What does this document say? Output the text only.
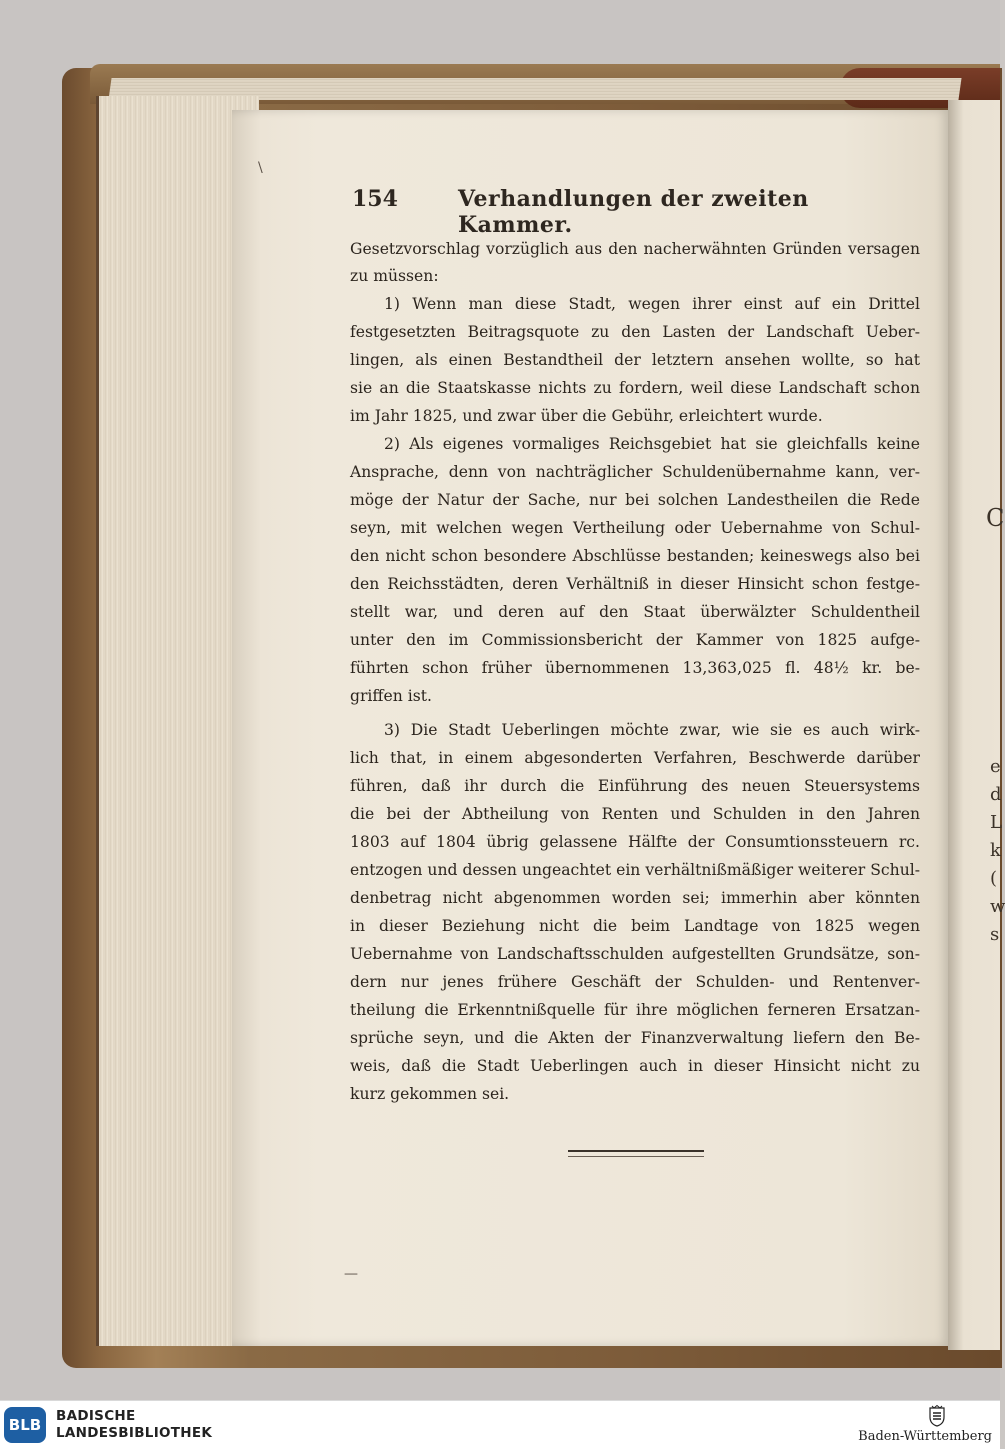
C
e
d
L
k
(
w
s
154	Verhandlungen der zweiten Kammer.
Gesetzvorschlag vorzüglich aus den nacherwähnten Gründen versagen
zu müssen:
1) Wenn man diese Stadt, wegen ihrer einst auf ein Drittel
festgesetzten Beitragsquote zu den Lasten der Landschaft Ueber-
lingen, als einen Bestandtheil der letztern ansehen wollte, so hat
sie an die Staatskasse nichts zu fordern, weil diese Landschaft schon
im Jahr 1825, und zwar über die Gebühr, erleichtert wurde.
2) Als eigenes vormaliges Reichsgebiet hat sie gleichfalls keine
Ansprache, denn von nachträglicher Schuldenübernahme kann, ver-
möge der Natur der Sache, nur bei solchen Landestheilen die Rede
seyn, mit welchen wegen Vertheilung oder Uebernahme von Schul-
den nicht schon besondere Abschlüsse bestanden; keineswegs also bei
den Reichsstädten, deren Verhältniß in dieser Hinsicht schon festge-
stellt war, und deren auf den Staat überwälzter Schuldentheil
unter den im Commissionsbericht der Kammer von 1825 aufge-
führten schon früher übernommenen 13,363,025 fl. 48½ kr. be-
griffen ist.
3) Die Stadt Ueberlingen möchte zwar, wie sie es auch wirk-
lich that, in einem abgesonderten Verfahren, Beschwerde darüber
führen, daß ihr durch die Einführung des neuen Steuersystems
die bei der Abtheilung von Renten und Schulden in den Jahren
1803 auf 1804 übrig gelassene Hälfte der Consumtionssteuern rc.
entzogen und dessen ungeachtet ein verhältnißmäßiger weiterer Schul-
denbetrag nicht abgenommen worden sei; immerhin aber könnten
in dieser Beziehung nicht die beim Landtage von 1825 wegen
Uebernahme von Landschaftsschulden aufgestellten Grundsätze, son-
dern nur jenes frühere Geschäft der Schulden- und Rentenver-
theilung die Erkenntnißquelle für ihre möglichen ferneren Ersatzan-
sprüche seyn, und die Akten der Finanzverwaltung liefern den Be-
weis, daß die Stadt Ueberlingen auch in dieser Hinsicht nicht zu
kurz gekommen sei.
—
\
BLB	BADISCHE
LANDESBIBLIOTHEK	Baden-Württemberg
